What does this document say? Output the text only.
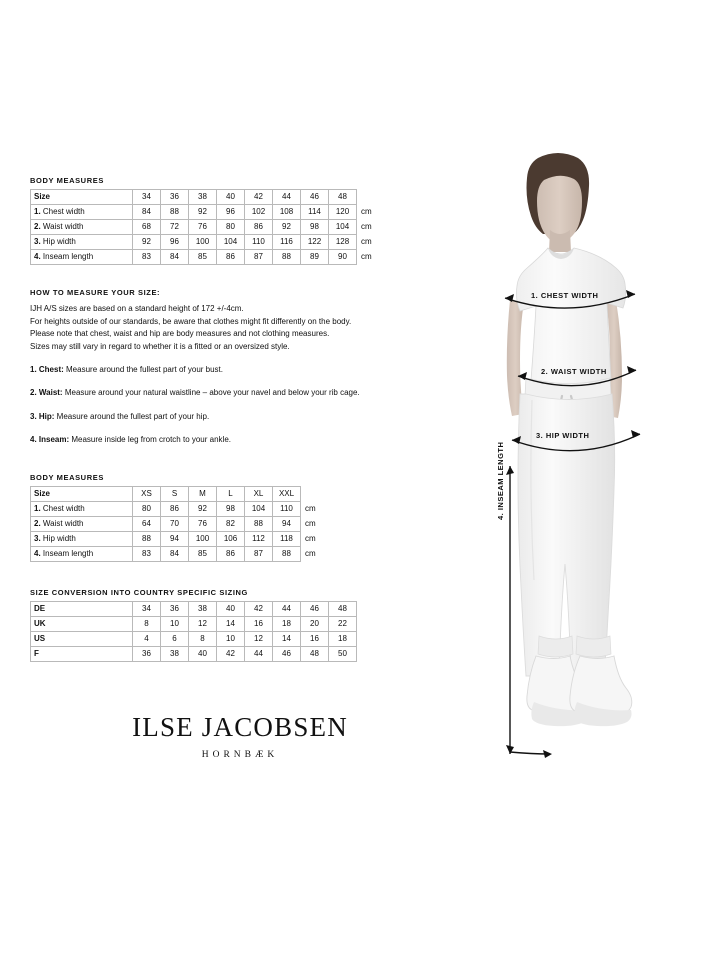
BODY MEASURES
Size	34	36	38	40	42	44	46	48	
1. Chest width	84	88	92	96	102	108	114	120	cm
2. Waist width	68	72	76	80	86	92	98	104	cm
3. Hip width	92	96	100	104	110	116	122	128	cm
4. Inseam length	83	84	85	86	87	88	89	90	cm
HOW TO MEASURE YOUR SIZE:

IJH A/S sizes are based on a standard height of 172 +/-4cm.

For heights outside of our standards, be aware that clothes might fit differently on the body.

Please note that chest, waist and hip are body measures and not clothing measures.

Sizes may still vary in regard to whether it is a fitted or an oversized style.

1. Chest: Measure around the fullest part of your bust.

2. Waist: Measure around your natural waistline – above your navel and below your rib cage.

3. Hip: Measure around the fullest part of your hip.

4. Inseam: Measure inside leg from crotch to your ankle.

BODY MEASURES
Size	XS	S	M	L	XL	XXL	
1. Chest width	80	86	92	98	104	110	cm
2. Waist width	64	70	76	82	88	94	cm
3. Hip width	88	94	100	106	112	118	cm
4. Inseam length	83	84	85	86	87	88	cm
SIZE CONVERSION INTO COUNTRY SPECIFIC SIZING
DE	34	36	38	40	42	44	46	48
UK	8	10	12	14	16	18	20	22
US	4	6	8	10	12	14	16	18
F	36	38	40	42	44	46	48	50
ILSE JACOBSEN
HORNBÆK
1. CHEST WIDTH
2. WAIST WIDTH
3. HIP WIDTH
4. INSEAM LENGTH
